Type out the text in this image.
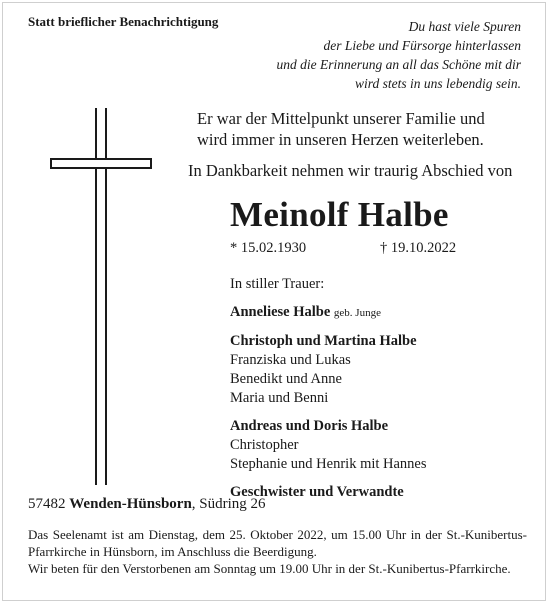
Statt brieflicher Benachrichtigung	Du hast viele Spuren
der Liebe und Fürsorge hinterlassen
und die Erinnerung an all das Schöne mit dir
wird stets in uns lebendig sein.
Er war der Mittelpunkt unserer Familie und
wird immer in unseren Herzen weiterleben.
In Dankbarkeit nehmen wir traurig Abschied von
Meinolf Halbe
* 15.02.1930	† 19.10.2022
In stiller Trauer:
Anneliese Halbe geb. Junge
Christoph und Martina Halbe
Franziska und Lukas
Benedikt und Anne
Maria und Benni
Andreas und Doris Halbe
Christopher
Stephanie und Henrik mit Hannes
Geschwister und Verwandte
57482 Wenden-Hünsborn, Südring 26

Das Seelenamt ist am Dienstag, dem 25. Oktober 2022, um 15.00 Uhr in der St.-Kunibertus-Pfarrkirche in Hünsborn, im Anschluss die Beerdigung.

Wir beten für den Verstorbenen am Sonntag um 19.00 Uhr in der St.-Kunibertus-Pfarrkirche.
